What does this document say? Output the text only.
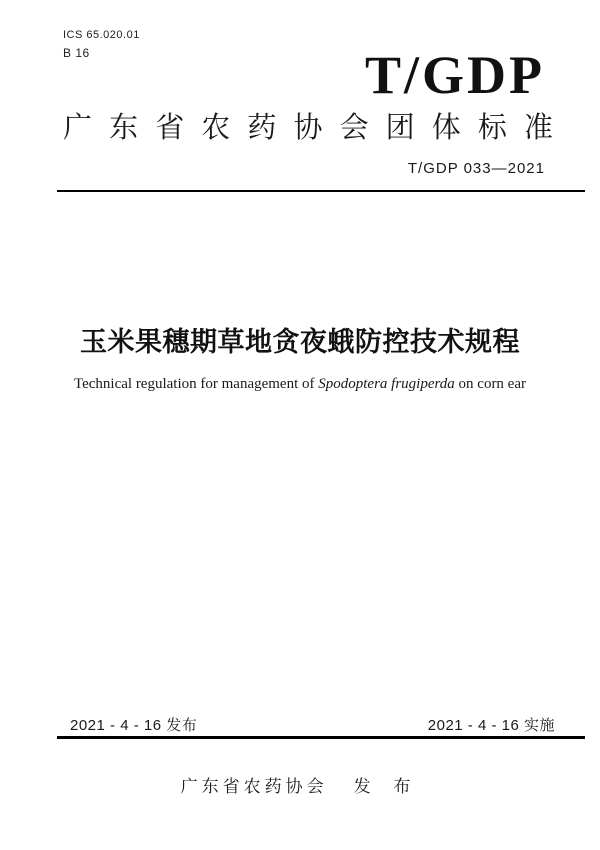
ICS 65.020.01
B 16	T/GDP
广 东 省 农 药 协 会 团 体 标 准
T/GDP 033—2021
玉米果穗期草地贪夜蛾防控技术规程
Technical regulation for management of Spodoptera frugiperda on corn ear
2021 - 4 - 16 发布	2021 - 4 - 16 实施
广东省农药协会 发 布
